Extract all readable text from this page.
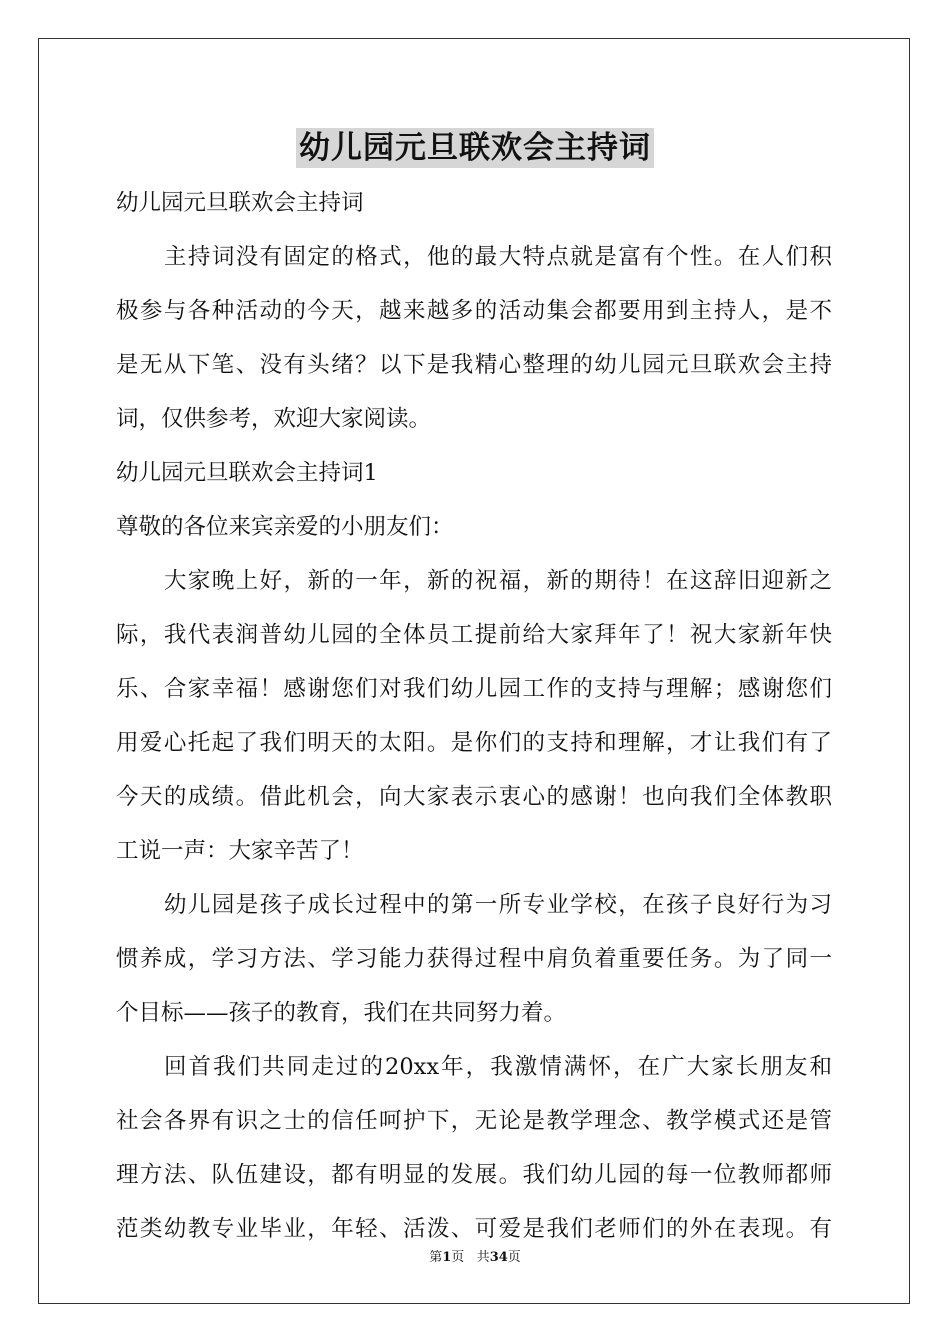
幼儿园元旦联欢会主持词
幼儿园元旦联欢会主持词
主持词没有固定的格式，他的最大特点就是富有个性。在人们积
极参与各种活动的今天，越来越多的活动集会都要用到主持人，是不
是无从下笔、没有头绪？以下是我精心整理的幼儿园元旦联欢会主持
词，仅供参考，欢迎大家阅读。
幼儿园元旦联欢会主持词1
尊敬的各位来宾亲爱的小朋友们：
大家晚上好，新的一年，新的祝福，新的期待！在这辞旧迎新之
际，我代表润普幼儿园的全体员工提前给大家拜年了！祝大家新年快
乐、合家幸福！感谢您们对我们幼儿园工作的支持与理解；感谢您们
用爱心托起了我们明天的太阳。是你们的支持和理解，才让我们有了
今天的成绩。借此机会，向大家表示衷心的感谢！也向我们全体教职
工说一声：大家辛苦了！
幼儿园是孩子成长过程中的第一所专业学校，在孩子良好行为习
惯养成，学习方法、学习能力获得过程中肩负着重要任务。为了同一
个目标——孩子的教育，我们在共同努力着。
回首我们共同走过的20xx年，我激情满怀，在广大家长朋友和
社会各界有识之士的信任呵护下，无论是教学理念、教学模式还是管
理方法、队伍建设，都有明显的发展。我们幼儿园的每一位教师都师
范类幼教专业毕业，年轻、活泼、可爱是我们老师们的外在表现。有
第1页 共34页
